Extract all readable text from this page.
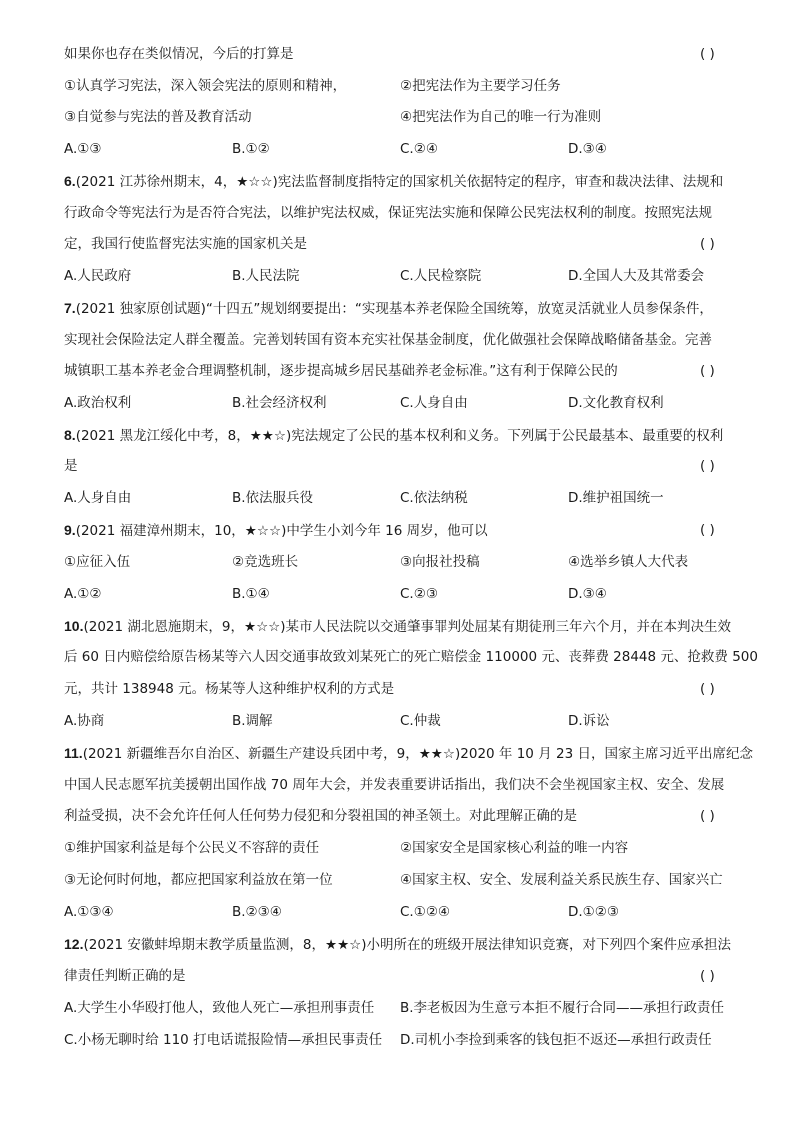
如果你也存在类似情况，今后的打算是	( )
①认真学习宪法，深入领会宪法的原则和精神，	②把宪法作为主要学习任务
③自觉参与宪法的普及教育活动	④把宪法作为自己的唯一行为准则
A.①③	B.①②	C.②④	D.③④
6.(2021 江苏徐州期末，4，★☆☆)宪法监督制度指特定的国家机关依据特定的程序，审查和裁决法律、法规和
行政命令等宪法行为是否符合宪法，以维护宪法权威，保证宪法实施和保障公民宪法权利的制度。按照宪法规
定，我国行使监督宪法实施的国家机关是	( )
A.人民政府	B.人民法院	C.人民检察院	D.全国人大及其常委会
7.(2021 独家原创试题)“十四五”规划纲要提出：“实现基本养老保险全国统筹，放宽灵活就业人员参保条件，
实现社会保险法定人群全覆盖。完善划转国有资本充实社保基金制度，优化做强社会保障战略储备基金。完善
城镇职工基本养老金合理调整机制，逐步提高城乡居民基础养老金标准。”这有利于保障公民的	( )
A.政治权利	B.社会经济权利	C.人身自由	D.文化教育权利
8.(2021 黑龙江绥化中考，8，★★☆)宪法规定了公民的基本权利和义务。下列属于公民最基本、最重要的权利
是	( )
A.人身自由	B.依法服兵役	C.依法纳税	D.维护祖国统一
9.(2021 福建漳州期末，10，★☆☆)中学生小刘今年 16 周岁，他可以	( )
①应征入伍	②竞选班长	③向报社投稿	④选举乡镇人大代表
A.①②	B.①④	C.②③	D.③④
10.(2021 湖北恩施期末，9，★☆☆)某市人民法院以交通肇事罪判处屈某有期徒刑三年六个月，并在本判决生效
后 60 日内赔偿给原告杨某等六人因交通事故致刘某死亡的死亡赔偿金 110000 元、丧葬费 28448 元、抢救费 500
元，共计 138948 元。杨某等人这种维护权利的方式是	( )
A.协商	B.调解	C.仲裁	D.诉讼
11.(2021 新疆维吾尔自治区、新疆生产建设兵团中考，9，★★☆)2020 年 10 月 23 日，国家主席习近平出席纪念
中国人民志愿军抗美援朝出国作战 70 周年大会，并发表重要讲话指出，我们决不会坐视国家主权、安全、发展
利益受损，决不会允许任何人任何势力侵犯和分裂祖国的神圣领土。对此理解正确的是	( )
①维护国家利益是每个公民义不容辞的责任	②国家安全是国家核心利益的唯一内容
③无论何时何地，都应把国家利益放在第一位	④国家主权、安全、发展利益关系民族生存、国家兴亡
A.①③④	B.②③④	C.①②④	D.①②③
12.(2021 安徽蚌埠期末教学质量监测，8，★★☆)小明所在的班级开展法律知识竞赛，对下列四个案件应承担法
律责任判断正确的是	( )
A.大学生小华殴打他人，致他人死亡—承担刑事责任 B.李老板因为生意亏本拒不履行合同——承担行政责任
C.小杨无聊时给 110 打电话谎报险情—承担民事责任 D.司机小李捡到乘客的钱包拒不返还—承担行政责任
